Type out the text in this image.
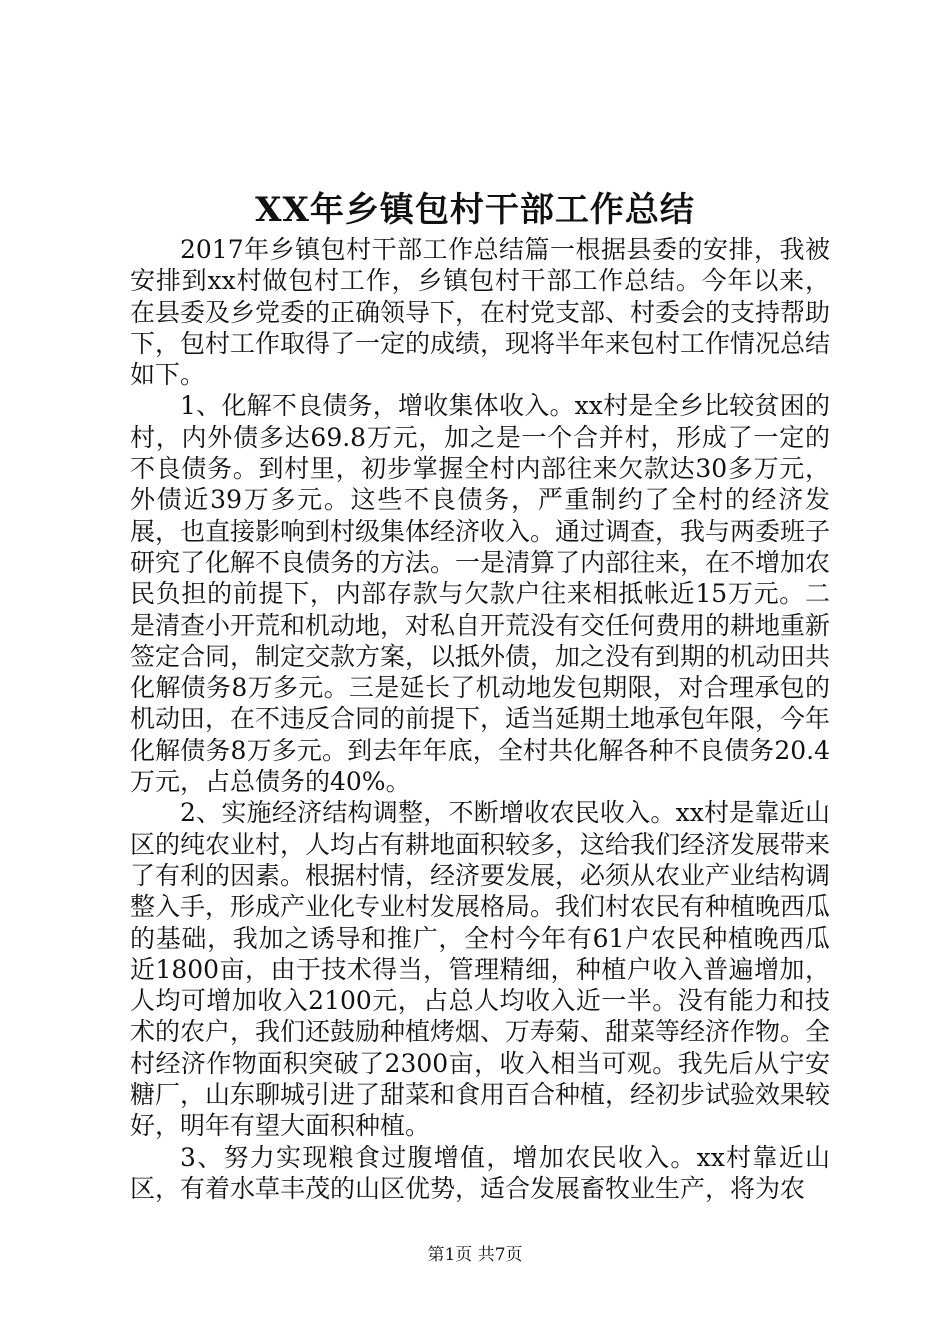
XX年乡镇包村干部工作总结

2017年乡镇包村干部工作总结篇一根据县委的安排，我被安排到xx村做包村工作，乡镇包村干部工作总结。今年以来，在县委及乡党委的正确领导下，在村党支部、村委会的支持帮助下，包村工作取得了一定的成绩，现将半年来包村工作情况总结如下。

1、化解不良债务，增收集体收入。xx村是全乡比较贫困的村，内外债多达69.8万元，加之是一个合并村，形成了一定的不良债务。到村里，初步掌握全村内部往来欠款达30多万元，外债近39万多元。这些不良债务，严重制约了全村的经济发展，也直接影响到村级集体经济收入。通过调查，我与两委班子研究了化解不良债务的方法。一是清算了内部往来，在不增加农民负担的前提下，内部存款与欠款户往来相抵帐近15万元。二是清查小开荒和机动地，对私自开荒没有交任何费用的耕地重新签定合同，制定交款方案，以抵外债，加之没有到期的机动田共化解债务8万多元。三是延长了机动地发包期限，对合理承包的机动田，在不违反合同的前提下，适当延期土地承包年限，今年化解债务8万多元。到去年年底，全村共化解各种不良债务20.4万元，占总债务的40%。

2、实施经济结构调整，不断增收农民收入。xx村是靠近山区的纯农业村，人均占有耕地面积较多，这给我们经济发展带来了有利的因素。根据村情，经济要发展，必须从农业产业结构调整入手，形成产业化专业村发展格局。我们村农民有种植晚西瓜的基础，我加之诱导和推广，全村今年有61户农民种植晚西瓜近1800亩，由于技术得当，管理精细，种植户收入普遍增加，人均可增加收入2100元，占总人均收入近一半。没有能力和技术的农户，我们还鼓励种植烤烟、万寿菊、甜菜等经济作物。全村经济作物面积突破了2300亩，收入相当可观。我先后从宁安糖厂，山东聊城引进了甜菜和食用百合种植，经初步试验效果较好，明年有望大面积种植。

3、努力实现粮食过腹增值，增加农民收入。xx村靠近山区，有着水草丰茂的山区优势，适合发展畜牧业生产，将为农

第1页 共7页
